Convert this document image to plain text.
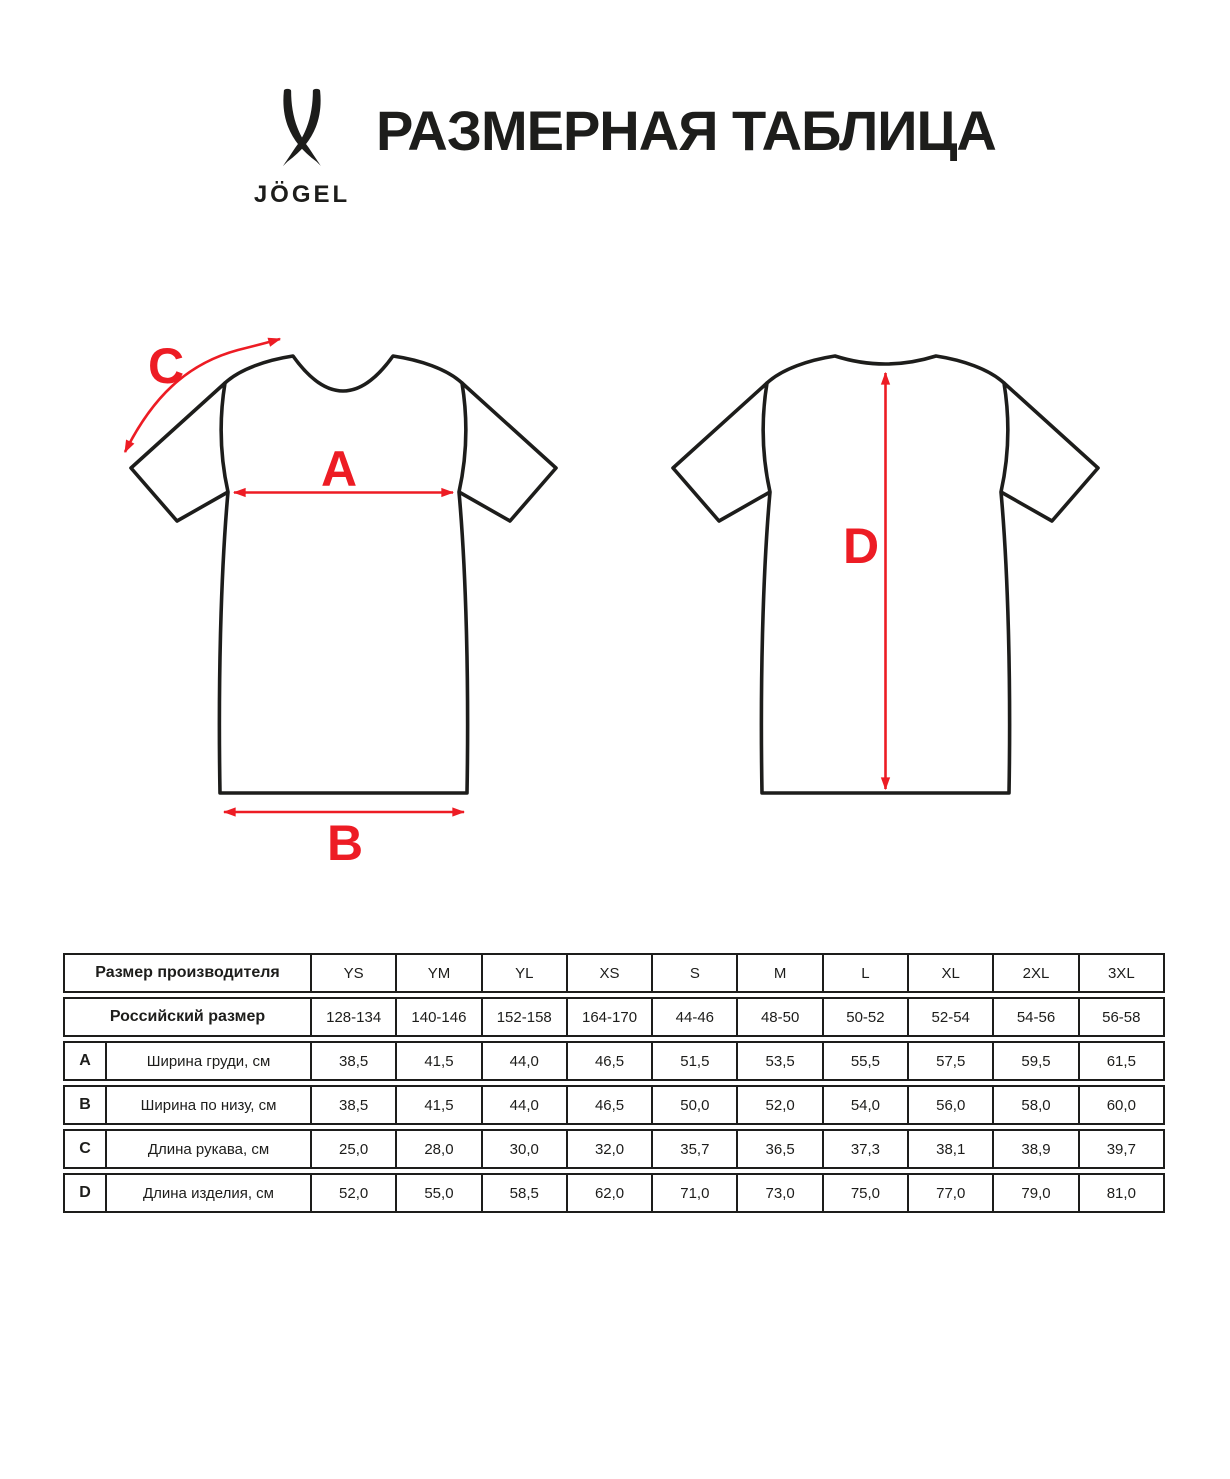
JÖGEL
РАЗМЕРНАЯ ТАБЛИЦА
A
B
C
D
Размер производителя	YS	YM	YL	XS	S	M	L	XL	2XL	3XL
Российский размер	128-134	140-146	152-158	164-170	44-46	48-50	50-52	52-54	54-56	56-58
A	Ширина груди, см	38,5	41,5	44,0	46,5	51,5	53,5	55,5	57,5	59,5	61,5
B	Ширина по низу, см	38,5	41,5	44,0	46,5	50,0	52,0	54,0	56,0	58,0	60,0
C	Длина рукава, см	25,0	28,0	30,0	32,0	35,7	36,5	37,3	38,1	38,9	39,7
D	Длина изделия, см	52,0	55,0	58,5	62,0	71,0	73,0	75,0	77,0	79,0	81,0
